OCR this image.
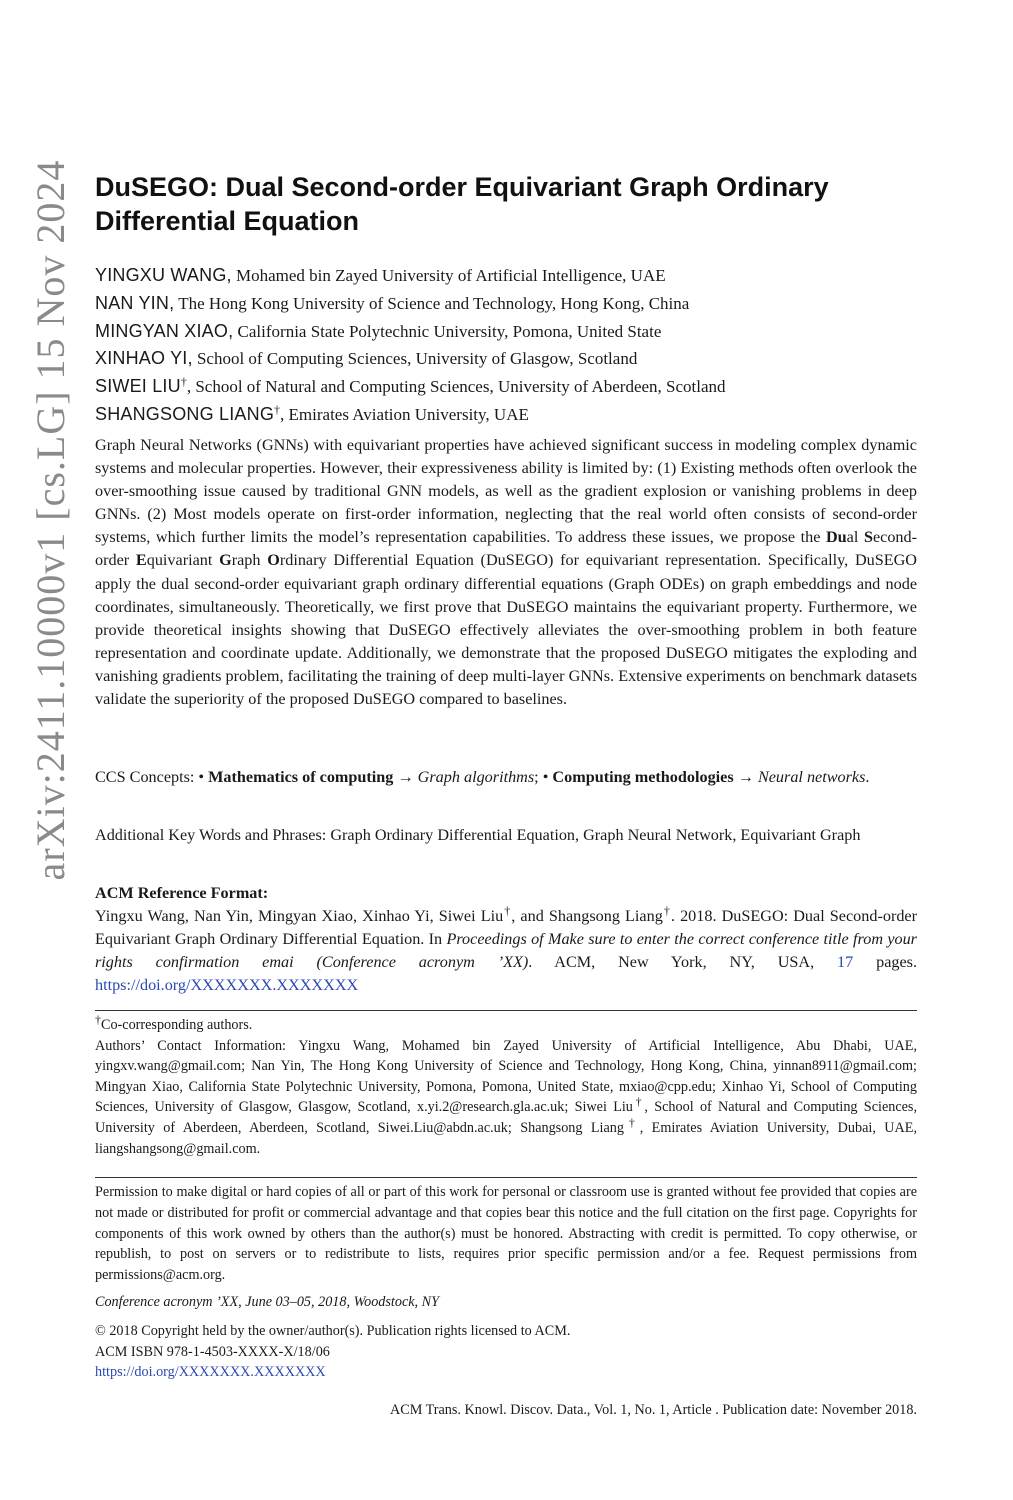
arXiv:2411.10000v1 [cs.LG] 15 Nov 2024 DuSEGO: Dual Second-order Equivariant Graph Ordinary Differential Equation
YINGXU WANG, Mohamed bin Zayed University of Artificial Intelligence, UAE
NAN YIN, The Hong Kong University of Science and Technology, Hong Kong, China
MINGYAN XIAO, California State Polytechnic University, Pomona, United State
XINHAO YI, School of Computing Sciences, University of Glasgow, Scotland
SIWEI LIU†, School of Natural and Computing Sciences, University of Aberdeen, Scotland
SHANGSONG LIANG†, Emirates Aviation University, UAE

Graph Neural Networks (GNNs) with equivariant properties have achieved significant success in modeling complex dynamic systems and molecular properties. However, their expressiveness ability is limited by: (1) Existing methods often overlook the over-smoothing issue caused by traditional GNN models, as well as the gradient explosion or vanishing problems in deep GNNs. (2) Most models operate on first-order information, neglecting that the real world often consists of second-order systems, which further limits the model’s representation capabilities. To address these issues, we propose the Dual Second-order Equivariant Graph Ordinary Differential Equation (DuSEGO) for equivariant representation. Specifically, DuSEGO apply the dual second-order equivariant graph ordinary differential equations (Graph ODEs) on graph embeddings and node coordinates, simultaneously. Theoretically, we first prove that DuSEGO maintains the equivariant property. Furthermore, we provide theoretical insights showing that DuSEGO effectively alleviates the over-smoothing problem in both feature representation and coordinate update. Additionally, we demonstrate that the proposed DuSEGO mitigates the exploding and vanishing gradients problem, facilitating the training of deep multi-layer GNNs. Extensive experiments on benchmark datasets validate the superiority of the proposed DuSEGO compared to baselines.

CCS Concepts: • Mathematics of computing → Graph algorithms; • Computing methodologies → Neural networks.

Additional Key Words and Phrases: Graph Ordinary Differential Equation, Graph Neural Network, Equivariant Graph

ACM Reference Format:
Yingxu Wang, Nan Yin, Mingyan Xiao, Xinhao Yi, Siwei Liu†, and Shangsong Liang†. 2018. DuSEGO: Dual Second-order Equivariant Graph Ordinary Differential Equation. In Proceedings of Make sure to enter the correct conference title from your rights confirmation emai (Conference acronym ’XX). ACM, New York, NY, USA, 17 pages. https://doi.org/XXXXXXX.XXXXXXX
†Co-corresponding authors.
Authors’ Contact Information: Yingxu Wang, Mohamed bin Zayed University of Artificial Intelligence, Abu Dhabi, UAE, yingxv.wang@gmail.com; Nan Yin, The Hong Kong University of Science and Technology, Hong Kong, China, yinnan8911@gmail.com; Mingyan Xiao, California State Polytechnic University, Pomona, Pomona, United State, mxiao@cpp.edu; Xinhao Yi, School of Computing Sciences, University of Glasgow, Glasgow, Scotland, x.yi.2@research.gla.ac.uk; Siwei Liu†, School of Natural and Computing Sciences, University of Aberdeen, Aberdeen, Scotland, Siwei.Liu@abdn.ac.uk; Shangsong Liang†, Emirates Aviation University, Dubai, UAE, liangshangsong@gmail.com.

Permission to make digital or hard copies of all or part of this work for personal or classroom use is granted without fee provided that copies are not made or distributed for profit or commercial advantage and that copies bear this notice and the full citation on the first page. Copyrights for components of this work owned by others than the author(s) must be honored. Abstracting with credit is permitted. To copy otherwise, or republish, to post on servers or to redistribute to lists, requires prior specific permission and/or a fee. Request permissions from permissions@acm.org.

Conference acronym ’XX, June 03–05, 2018, Woodstock, NY
© 2018 Copyright held by the owner/author(s). Publication rights licensed to ACM.
ACM ISBN 978-1-4503-XXXX-X/18/06
https://doi.org/XXXXXXX.XXXXXXX
ACM Trans. Knowl. Discov. Data., Vol. 1, No. 1, Article . Publication date: November 2018.
